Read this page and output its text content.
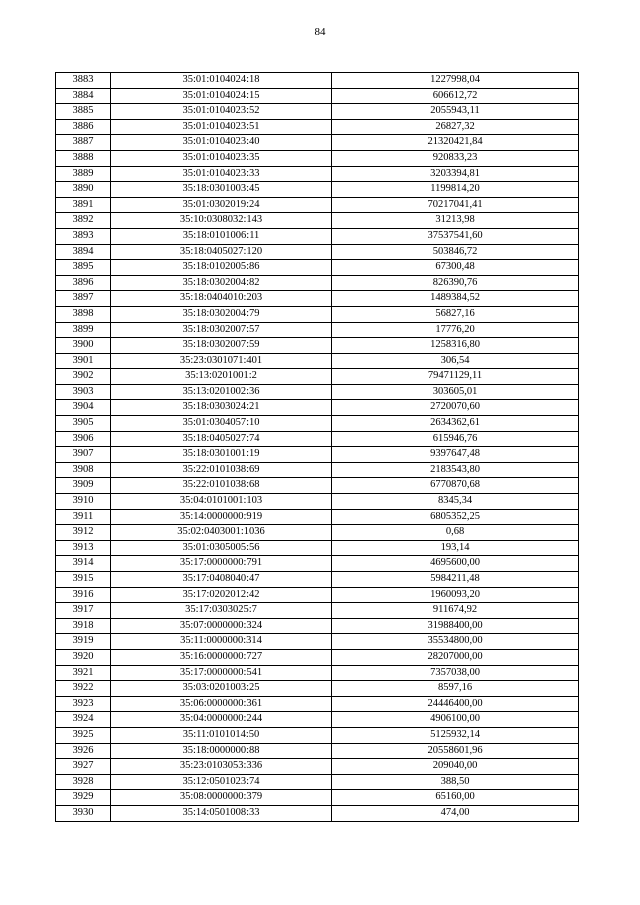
84
3883	35:01:0104024:18	1227998,04
3884	35:01:0104024:15	606612,72
3885	35:01:0104023:52	2055943,11
3886	35:01:0104023:51	26827,32
3887	35:01:0104023:40	21320421,84
3888	35:01:0104023:35	920833,23
3889	35:01:0104023:33	3203394,81
3890	35:18:0301003:45	1199814,20
3891	35:01:0302019:24	70217041,41
3892	35:10:0308032:143	31213,98
3893	35:18:0101006:11	37537541,60
3894	35:18:0405027:120	503846,72
3895	35:18:0102005:86	67300,48
3896	35:18:0302004:82	826390,76
3897	35:18:0404010:203	1489384,52
3898	35:18:0302004:79	56827,16
3899	35:18:0302007:57	17776,20
3900	35:18:0302007:59	1258316,80
3901	35:23:0301071:401	306,54
3902	35:13:0201001:2	79471129,11
3903	35:13:0201002:36	303605,01
3904	35:18:0303024:21	2720070,60
3905	35:01:0304057:10	2634362,61
3906	35:18:0405027:74	615946,76
3907	35:18:0301001:19	9397647,48
3908	35:22:0101038:69	2183543,80
3909	35:22:0101038:68	6770870,68
3910	35:04:0101001:103	8345,34
3911	35:14:0000000:919	6805352,25
3912	35:02:0403001:1036	0,68
3913	35:01:0305005:56	193,14
3914	35:17:0000000:791	4695600,00
3915	35:17:0408040:47	5984211,48
3916	35:17:0202012:42	1960093,20
3917	35:17:0303025:7	911674,92
3918	35:07:0000000:324	31988400,00
3919	35:11:0000000:314	35534800,00
3920	35:16:0000000:727	28207000,00
3921	35:17:0000000:541	7357038,00
3922	35:03:0201003:25	8597,16
3923	35:06:0000000:361	24446400,00
3924	35:04:0000000:244	4906100,00
3925	35:11:0101014:50	5125932,14
3926	35:18:0000000:88	20558601,96
3927	35:23:0103053:336	209040,00
3928	35:12:0501023:74	388,50
3929	35:08:0000000:379	65160,00
3930	35:14:0501008:33	474,00
